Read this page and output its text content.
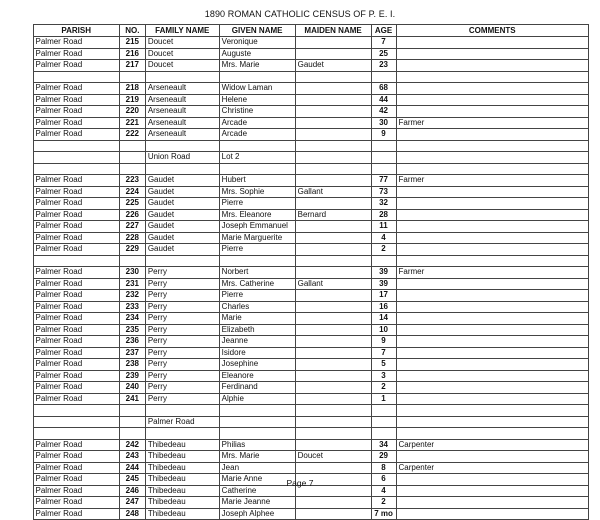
1890 ROMAN CATHOLIC CENSUS OF P. E. I.
	PARISH	NO.	FAMILY NAME	GIVEN NAME	MAIDEN NAME	AGE	COMMENTS
	Palmer Road	215	Doucet	Veronique		7	
	Palmer Road	216	Doucet	Auguste		25	
	Palmer Road	217	Doucet	Mrs. Marie	Gaudet	23	

	Palmer Road	218	Arseneault	Widow Laman		68	
	Palmer Road	219	Arseneault	Helene		44	
	Palmer Road	220	Arseneault	Christine		42	
	Palmer Road	221	Arseneault	Arcade		30	Farmer
	Palmer Road	222	Arseneault	Arcade		9	

			Union Road	Lot 2			

	Palmer Road	223	Gaudet	Hubert		77	Farmer
	Palmer Road	224	Gaudet	Mrs. Sophie	Gallant	73	
	Palmer Road	225	Gaudet	Pierre		32	
	Palmer Road	226	Gaudet	Mrs. Eleanore	Bernard	28	
	Palmer Road	227	Gaudet	Joseph Emmanuel		11	
	Palmer Road	228	Gaudet	Marie Marguerite		4	
	Palmer Road	229	Gaudet	Pierre		2	

	Palmer Road	230	Perry	Norbert		39	Farmer
	Palmer Road	231	Perry	Mrs. Catherine	Gallant	39	
	Palmer Road	232	Perry	Pierre		17	
	Palmer Road	233	Perry	Charles		16	
	Palmer Road	234	Perry	Marie		14	
	Palmer Road	235	Perry	Elizabeth		10	
	Palmer Road	236	Perry	Jeanne		9	
	Palmer Road	237	Perry	Isidore		7	
	Palmer Road	238	Perry	Josephine		5	
	Palmer Road	239	Perry	Eleanore		3	
	Palmer Road	240	Perry	Ferdinand		2	
	Palmer Road	241	Perry	Alphie		1	

			Palmer Road				

	Palmer Road	242	Thibedeau	Philias		34	Carpenter
	Palmer Road	243	Thibedeau	Mrs. Marie	Doucet	29	
	Palmer Road	244	Thibedeau	Jean		8	Carpenter
	Palmer Road	245	Thibedeau	Marie Anne		6	
	Palmer Road	246	Thibedeau	Catherine		4	
	Palmer Road	247	Thibedeau	Marie Jeanne		2	
	Palmer Road	248	Thibedeau	Joseph Alphee		7 mo	
Page 7
